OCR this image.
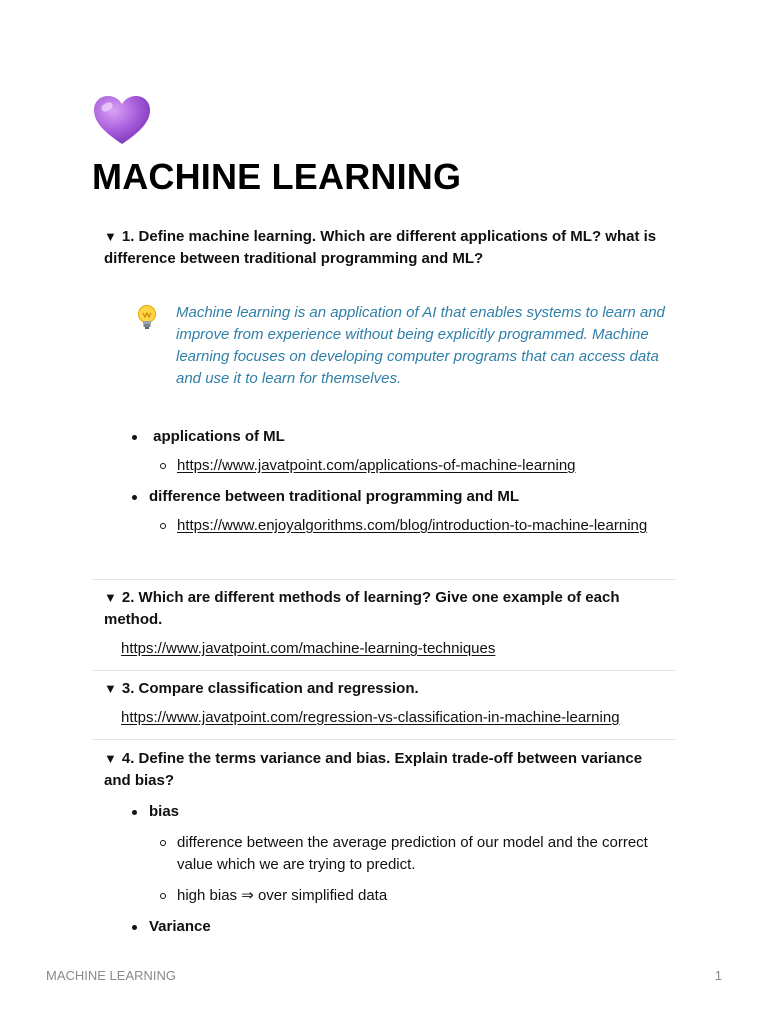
MACHINE LEARNING
▼ 1. Define machine learning. Which are different applications of ML? what is difference between traditional programming and ML?
Machine learning is an application of AI that enables systems to learn and improve from experience without being explicitly programmed. Machine learning focuses on developing computer programs that can access data and use it to learn for themselves.
applications of ML
https://www.javatpoint.com/applications-of-machine-learning
difference between traditional programming and ML
https://www.enjoyalgorithms.com/blog/introduction-to-machine-learning
▼ 2. Which are different methods of learning? Give one example of each method.
https://www.javatpoint.com/machine-learning-techniques
▼ 3. Compare classification and regression.
https://www.javatpoint.com/regression-vs-classification-in-machine-learning
▼ 4. Define the terms variance and bias. Explain trade-off between variance and bias?
bias
difference between the average prediction of our model and the correct value which we are trying to predict.
high bias ⇒ over simplified data
Variance
MACHINE LEARNING	1
